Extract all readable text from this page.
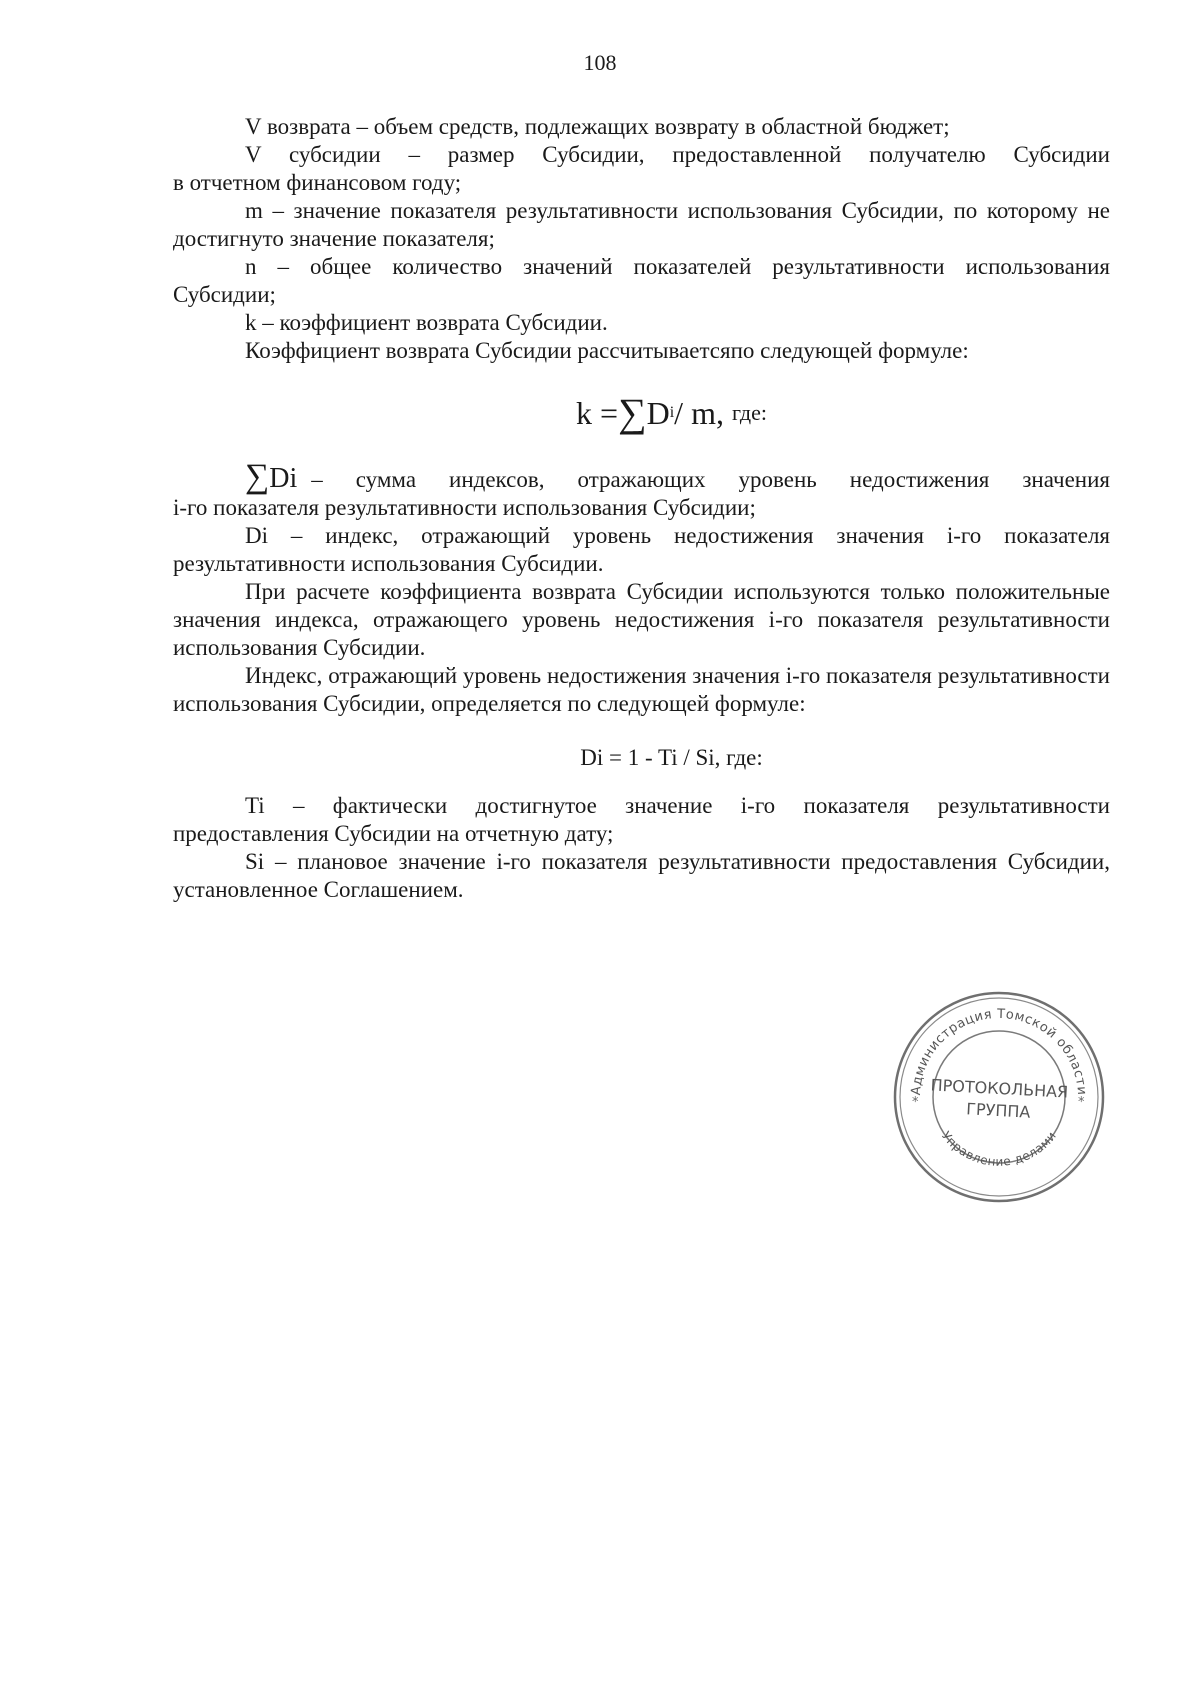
108

V возврата – объем средств, подлежащих возврату в областной бюджет;

V субсидии – размер Субсидии, предоставленной получателю Субсидии

в отчетном финансовом году;

m – значение показателя результативности использования Субсидии, по которому не достигнуто значение показателя;

n – общее количество значений показателей результативности использования Субсидии;

k – коэффициент возврата Субсидии.

Коэффициент возврата Субсидии рассчитываетсяпо следующей формуле:

k = ∑ D i / m, где:
∑ Di – сумма индексов, отражающих уровень недостижения значения

i-го показателя результативности использования Субсидии;

Di – индекс, отражающий уровень недостижения значения i-го показателя результативности использования Субсидии.

При расчете коэффициента возврата Субсидии используются только положительные значения индекса, отражающего уровень недостижения i-го показателя результативности использования Субсидии.

Индекс, отражающий уровень недостижения значения i-го показателя результативности использования Субсидии, определяется по следующей формуле:

Di = 1 - Ti / Si, где:

Ti – фактически достигнутое значение i-го показателя результативности предоставления Субсидии на отчетную дату;

Si – плановое значение i-го показателя результативности предоставления Субсидии, установленное Соглашением.

Администрация Томской области
Управление делами
*	*
ПРОТОКОЛЬНАЯ
ГРУППА
